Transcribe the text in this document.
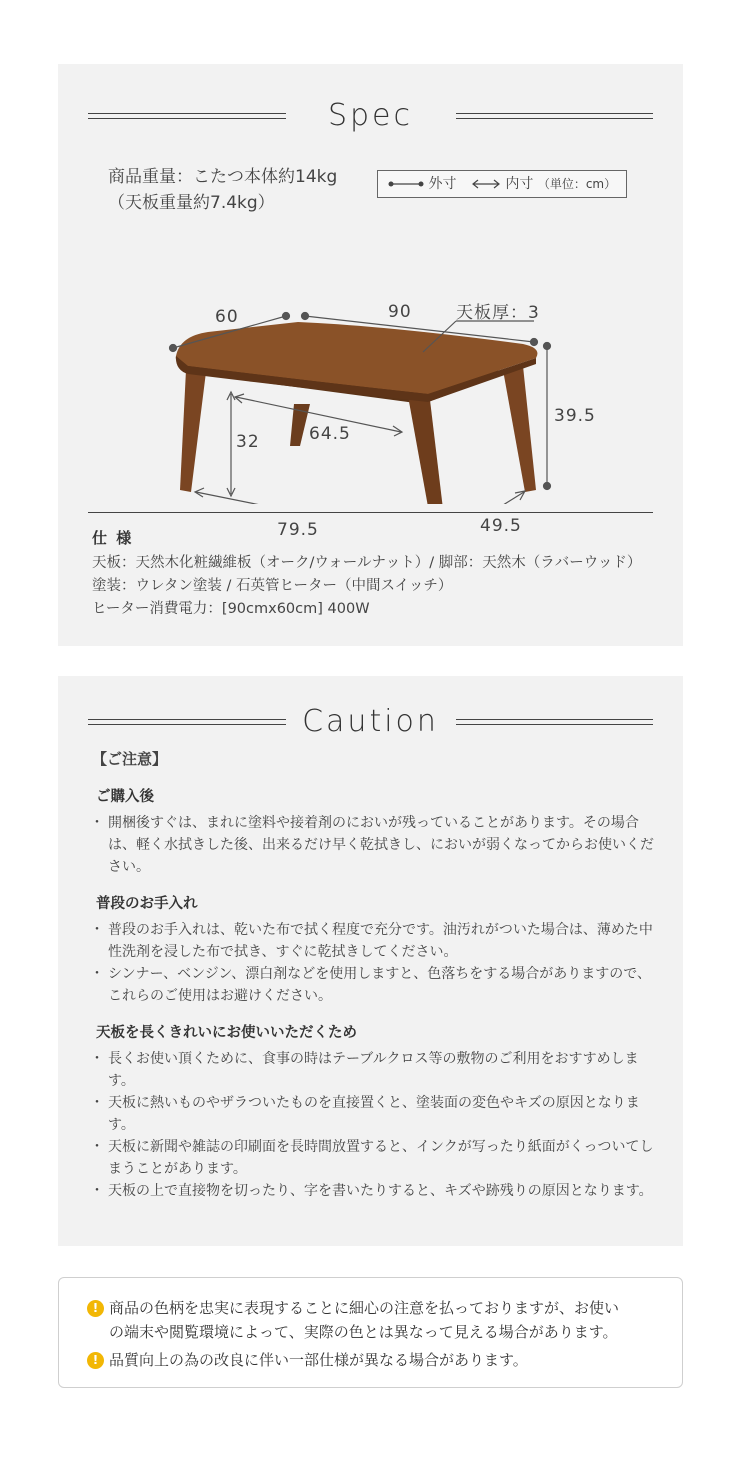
Spec
商品重量：こたつ本体約14kg
（天板重量約7.4kg）
外寸	内寸 （単位：cm）
60	90	天板厚：3
39.5
32	64.5
79.5	49.5
仕 様
天板：天然木化粧繊維板（オーク/ウォールナット）/ 脚部：天然木（ラバーウッド）
塗装：ウレタン塗装 / 石英管ヒーター（中間スイッチ）
ヒーター消費電力：[90cmx60cm] 400W
Caution
【ご注意】
ご購入後
・ 開梱後すぐは、まれに塗料や接着剤のにおいが残っていることがあります。その場合は、軽く水拭きした後、出来るだけ早く乾拭きし、においが弱くなってからお使いください。
普段のお手入れ
・ 普段のお手入れは、乾いた布で拭く程度で充分です。油汚れがついた場合は、薄めた中性洗剤を浸した布で拭き、すぐに乾拭きしてください。
・ シンナー、ベンジン、漂白剤などを使用しますと、色落ちをする場合がありますので、これらのご使用はお避けください。
天板を長くきれいにお使いいただくため
・ 長くお使い頂くために、食事の時はテーブルクロス等の敷物のご利用をおすすめします。
・ 天板に熱いものやザラついたものを直接置くと、塗装面の変色やキズの原因となります。
・ 天板に新聞や雑誌の印刷面を長時間放置すると、インクが写ったり紙面がくっついてしまうことがあります。
・ 天板の上で直接物を切ったり、字を書いたりすると、キズや跡残りの原因となります。
! 商品の色柄を忠実に表現することに細心の注意を払っておりますが、お使い
の端末や閲覧環境によって、実際の色とは異なって見える場合があります。
! 品質向上の為の改良に伴い一部仕様が異なる場合があります。
